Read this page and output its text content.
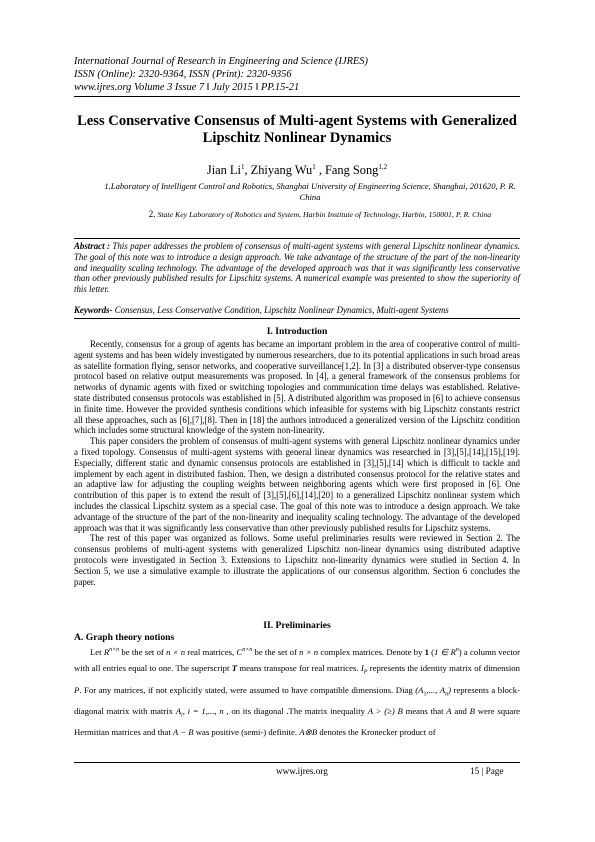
International Journal of Research in Engineering and Science (IJRES)
ISSN (Online): 2320-9364, ISSN (Print): 2320-9356
www.ijres.org Volume 3 Issue 7 ǁ July 2015 ǁ PP.15-21
Less Conservative Consensus of Multi-agent Systems with Generalized Lipschitz Nonlinear Dynamics
Jian Li$^1$, Zhiyang Wu$^1$ , Fang Song$^{1,2}$
1.Laboratory of Intelligent Control and Robotics, Shanghai University of Engineering Science, Shanghai, 201620, P. R. China
2. State Key Laboratory of Robotics and System, Harbin Institute of Technology, Harbin, 150001, P. R. China
Abstract : This paper addresses the problem of consensus of multi-agent systems with general Lipschitz nonlinear dynamics. The goal of this note was to introduce a design approach. We take advantage of the structure of the part of the non-linearity and inequality scaling technology. The advantage of the developed approach was that it was significantly less conservative than other previously published results for Lipschitz systems. A numerical example was presented to show the superiority of this letter.
Keywords- Consensus, Less Conservative Condition, Lipschitz Nonlinear Dynamics, Multi-agent Systems
I. Introduction

Recently, consensus for a group of agents has became an important problem in the area of cooperative control of multi-agent systems and has been widely investigated by numerous researchers, due to its potential applications in such broad areas as satellite formation flying, sensor networks, and cooperative surveillance[1,2]. In [3] a distributed observer-type consensus protocol based on relative output measurements was proposed. In [4], a general framework of the consensus problems for networks of dynamic agents with fixed or switching topologies and communication time delays was established. Relative-state distributed consensus protocols was established in [5]. A distributed algorithm was proposed in [6] to achieve consensus in finite time. However the provided synthesis conditions which infeasible for systems with big Lipschitz constants restrict all these approaches, such as [6],[7],[8]. Then in [18] the authors introduced a generalized version of the Lipschitz condition which includes some structural knowledge of the system non-linearity.

This paper considers the problem of consensus of multi-agent systems with general Lipschitz nonlinear dynamics under a fixed topology. Consensus of multi-agent systems with general linear dynamics was researched in [3],[5],[14],[15],[19]. Especially, different static and dynamic consensus protocols are established in [3],[5],[14] which is difficult to tackle and implement by each agent in distributed fashion. Then, we design a distributed consensus protocol for the relative states and an adaptive law for adjusting the coupling weights between neighboring agents which were first proposed in [6]. One contribution of this paper is to extend the result of [3],[5],[6],[14],[20] to a generalized Lipschitz nonlinear system which includes the classical Lipschitz system as a special case. The goal of this note was to introduce a design approach. We take advantage of the structure of the part of the non-linearity and inequality scaling technology. The advantage of the developed approach was that it was significantly less conservative than other previously published results for Lipschitz systems.

The rest of this paper was organized as follows. Some useful preliminaries results were reviewed in Section 2. The consensus problems of multi-agent systems with generalized Lipschitz non-linear dynamics using distributed adaptive protocols were investigated in Section 3. Extensions to Lipschitz non-linearity dynamics were studied in Section 4. In Section 5, we use a simulative example to illustrate the applications of our consensus algorithm. Section 6 concludes the paper.

II. Preliminaries
A. Graph theory notions

Let $R^{n\times n}$ be the set of n × n real matrices, $C^{n\times n}$ be the set of n × n complex matrices. Denote by 1 (1 ∈ $R^n$) a column vector with all entries equal to one. The superscript T means transpose for real matrices. $I_P$ represents the identity matrix of dimension P. For any matrices, if not explicitly stated, were assumed to have compatible dimensions. Diag ($A_1$,..., $A_n$) represents a block-diagonal matrix with matrix $A_i$, i = 1,..., n , on its diagonal .The matrix inequality A > (≥) B means that A and B were square Hermitian matrices and that A − B was positive (semi-) definite. A⊗B denotes the Kronecker product of

www.ijres.org	15 | Page
